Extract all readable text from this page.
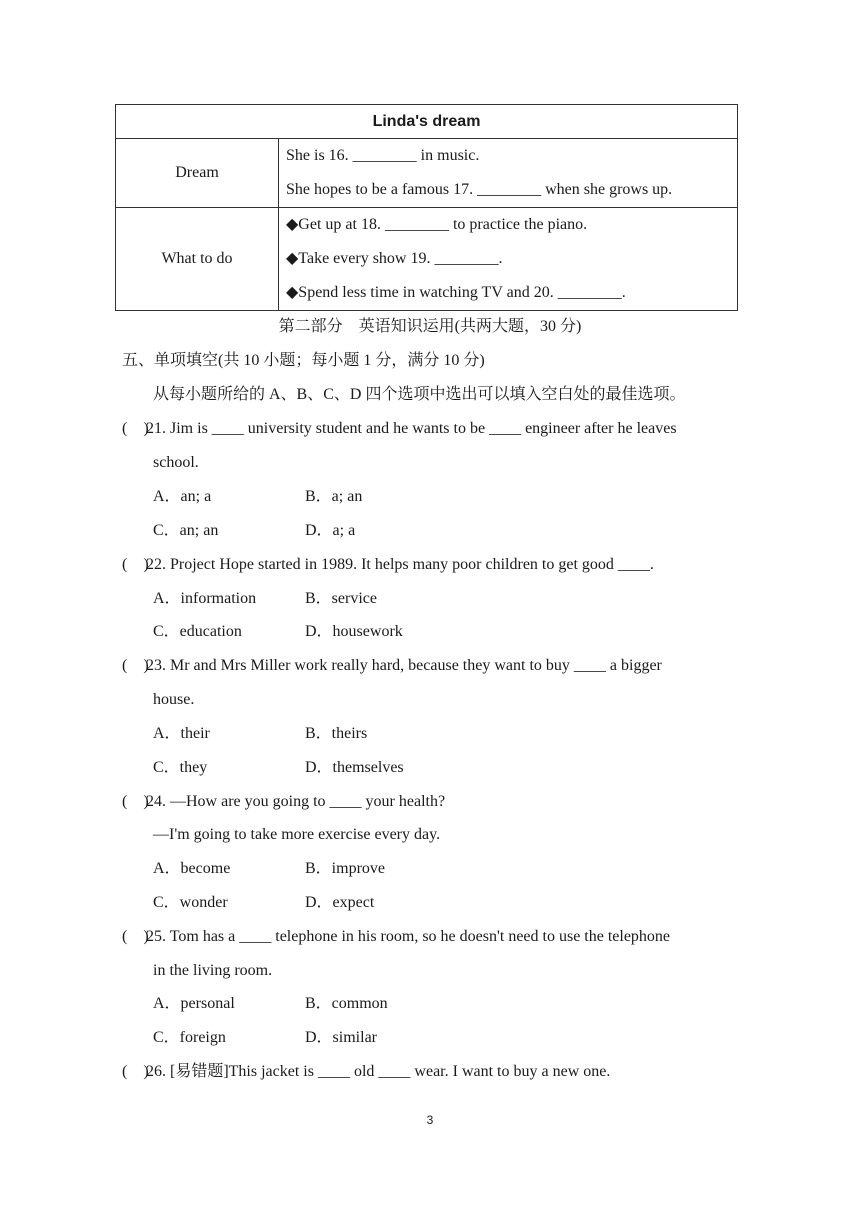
Linda's dream	
Dream	She is 16. ________ in music.
She hopes to be a famous 17. ________ when she grows up.

What to do	◆Get up at 18. ________ to practice the piano.
◆Take every show 19. ________.
◆Spend less time in watching TV and 20. ________.
第二部分　英语知识运用(共两大题，30 分)
五、单项填空(共 10 小题；每小题 1 分，满分 10 分)
从每小题所给的 A、B、C、D 四个选项中选出可以填入空白处的最佳选项。
(　)21. Jim is ____ university student and he wants to be ____ engineer after he leaves
school.
A．an; a	B．a; an
C．an; an	D．a; a
(　)22. Project Hope started in 1989. It helps many poor children to get good ____.
A．information	B．service
C．education	D．housework
(　)23. Mr and Mrs Miller work really hard, because they want to buy ____ a bigger
house.
A．their	B．theirs
C．they	D．themselves
(　)24. —How are you going to ____ your health?
—I'm going to take more exercise every day.
A．become	B．improve
C．wonder	D．expect
(　)25. Tom has a ____ telephone in his room, so he doesn't need to use the telephone
in the living room.
A．personal	B．common
C．foreign	D．similar
(　)26. [易错题]This jacket is ____ old ____ wear. I want to buy a new one.
3
